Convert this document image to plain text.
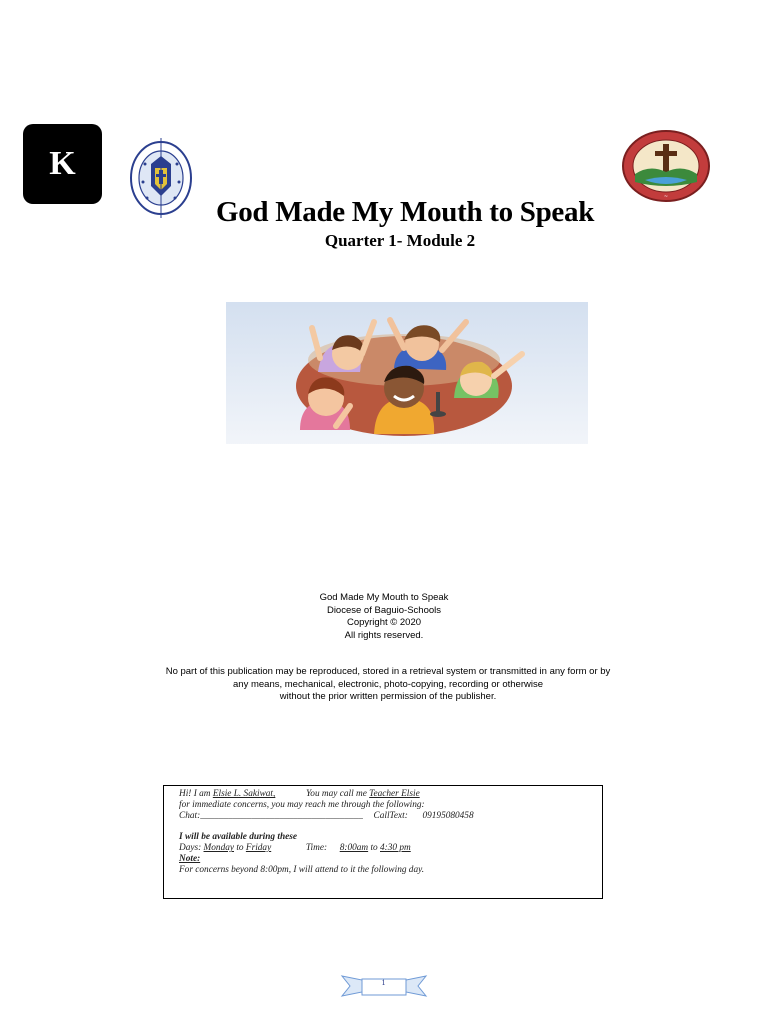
K
~
God Made My Mouth to Speak
Quarter 1- Module 2
God Made My Mouth to Speak
Diocese of Baguio-Schools
Copyright © 2020
All rights reserved.
No part of this publication may be reproduced, stored in a retrieval system or transmitted in any form or by
any means, mechanical, electronic, photo-copying, recording or otherwise
without the prior written permission of the publisher.
Hi! I am Elsie L. Sakiwat,	You may call me Teacher Elsie
for immediate concerns, you may reach me through the following:
Chat:___________________________________ CallText: 09195080458
I will be available during these
Days: Monday to Friday	Time: 8:00am to 4:30 pm
Note:
For concerns beyond 8:00pm, I will attend to it the following day.
1
